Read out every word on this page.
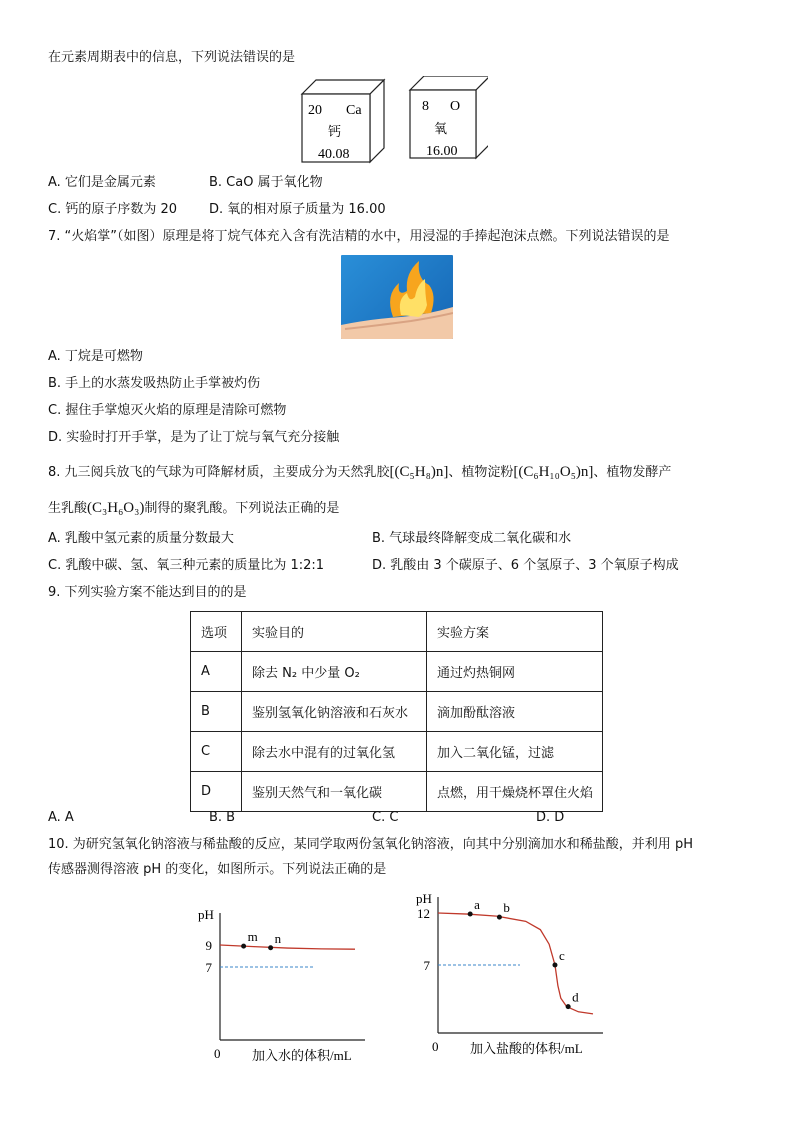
在元素周期表中的信息，下列说法错误的是
20 Ca
钙
40.08
8 O
氧
16.00
A. 它们是金属元素	B. CaO 属于氧化物
C. 钙的原子序数为 20 D. 氧的相对原子质量为 16.00
7. “火焰掌”（如图）原理是将丁烷气体充入含有洗洁精的水中，用浸湿的手捧起泡沫点燃。下列说法错误的是
A. 丁烷是可燃物
B. 手上的水蒸发吸热防止手掌被灼伤
C. 握住手掌熄灭火焰的原理是清除可燃物
D. 实验时打开手掌，是为了让丁烷与氧气充分接触
8. 九三阅兵放飞的气球为可降解材质，主要成分为天然乳胶[(C₅H₈)n]、植物淀粉[(C₆H₁₀O₅)n]、植物发酵产
生乳酸(C₃H₆O₃)制得的聚乳酸。下列说法正确的是
A. 乳酸中氢元素的质量分数最大	B. 气球最终降解变成二氧化碳和水
C. 乳酸中碳、氢、氧三种元素的质量比为 1:2:1	D. 乳酸由 3 个碳原子、6 个氢原子、3 个氧原子构成
9. 下列实验方案不能达到目的的是
选项	实验目的	实验方案
A	除去 N₂ 中少量 O₂	通过灼热铜网
B	鉴别氢氧化钠溶液和石灰水	滴加酚酞溶液
C	除去水中混有的过氧化氢	加入二氧化锰，过滤
D	鉴别天然气和一氧化碳	点燃，用干燥烧杯罩住火焰
A. A	B. B	C. C	D. D
10. 为研究氢氧化钠溶液与稀盐酸的反应，某同学取两份氢氧化钠溶液，向其中分别滴加水和稀盐酸，并利用 pH
传感器测得溶液 pH 的变化，如图所示。下列说法正确的是
pH
0 加入水的体积/mL
9
7
m n
pH
0 加入盐酸的体积/mL
12
7
a b
c
d
